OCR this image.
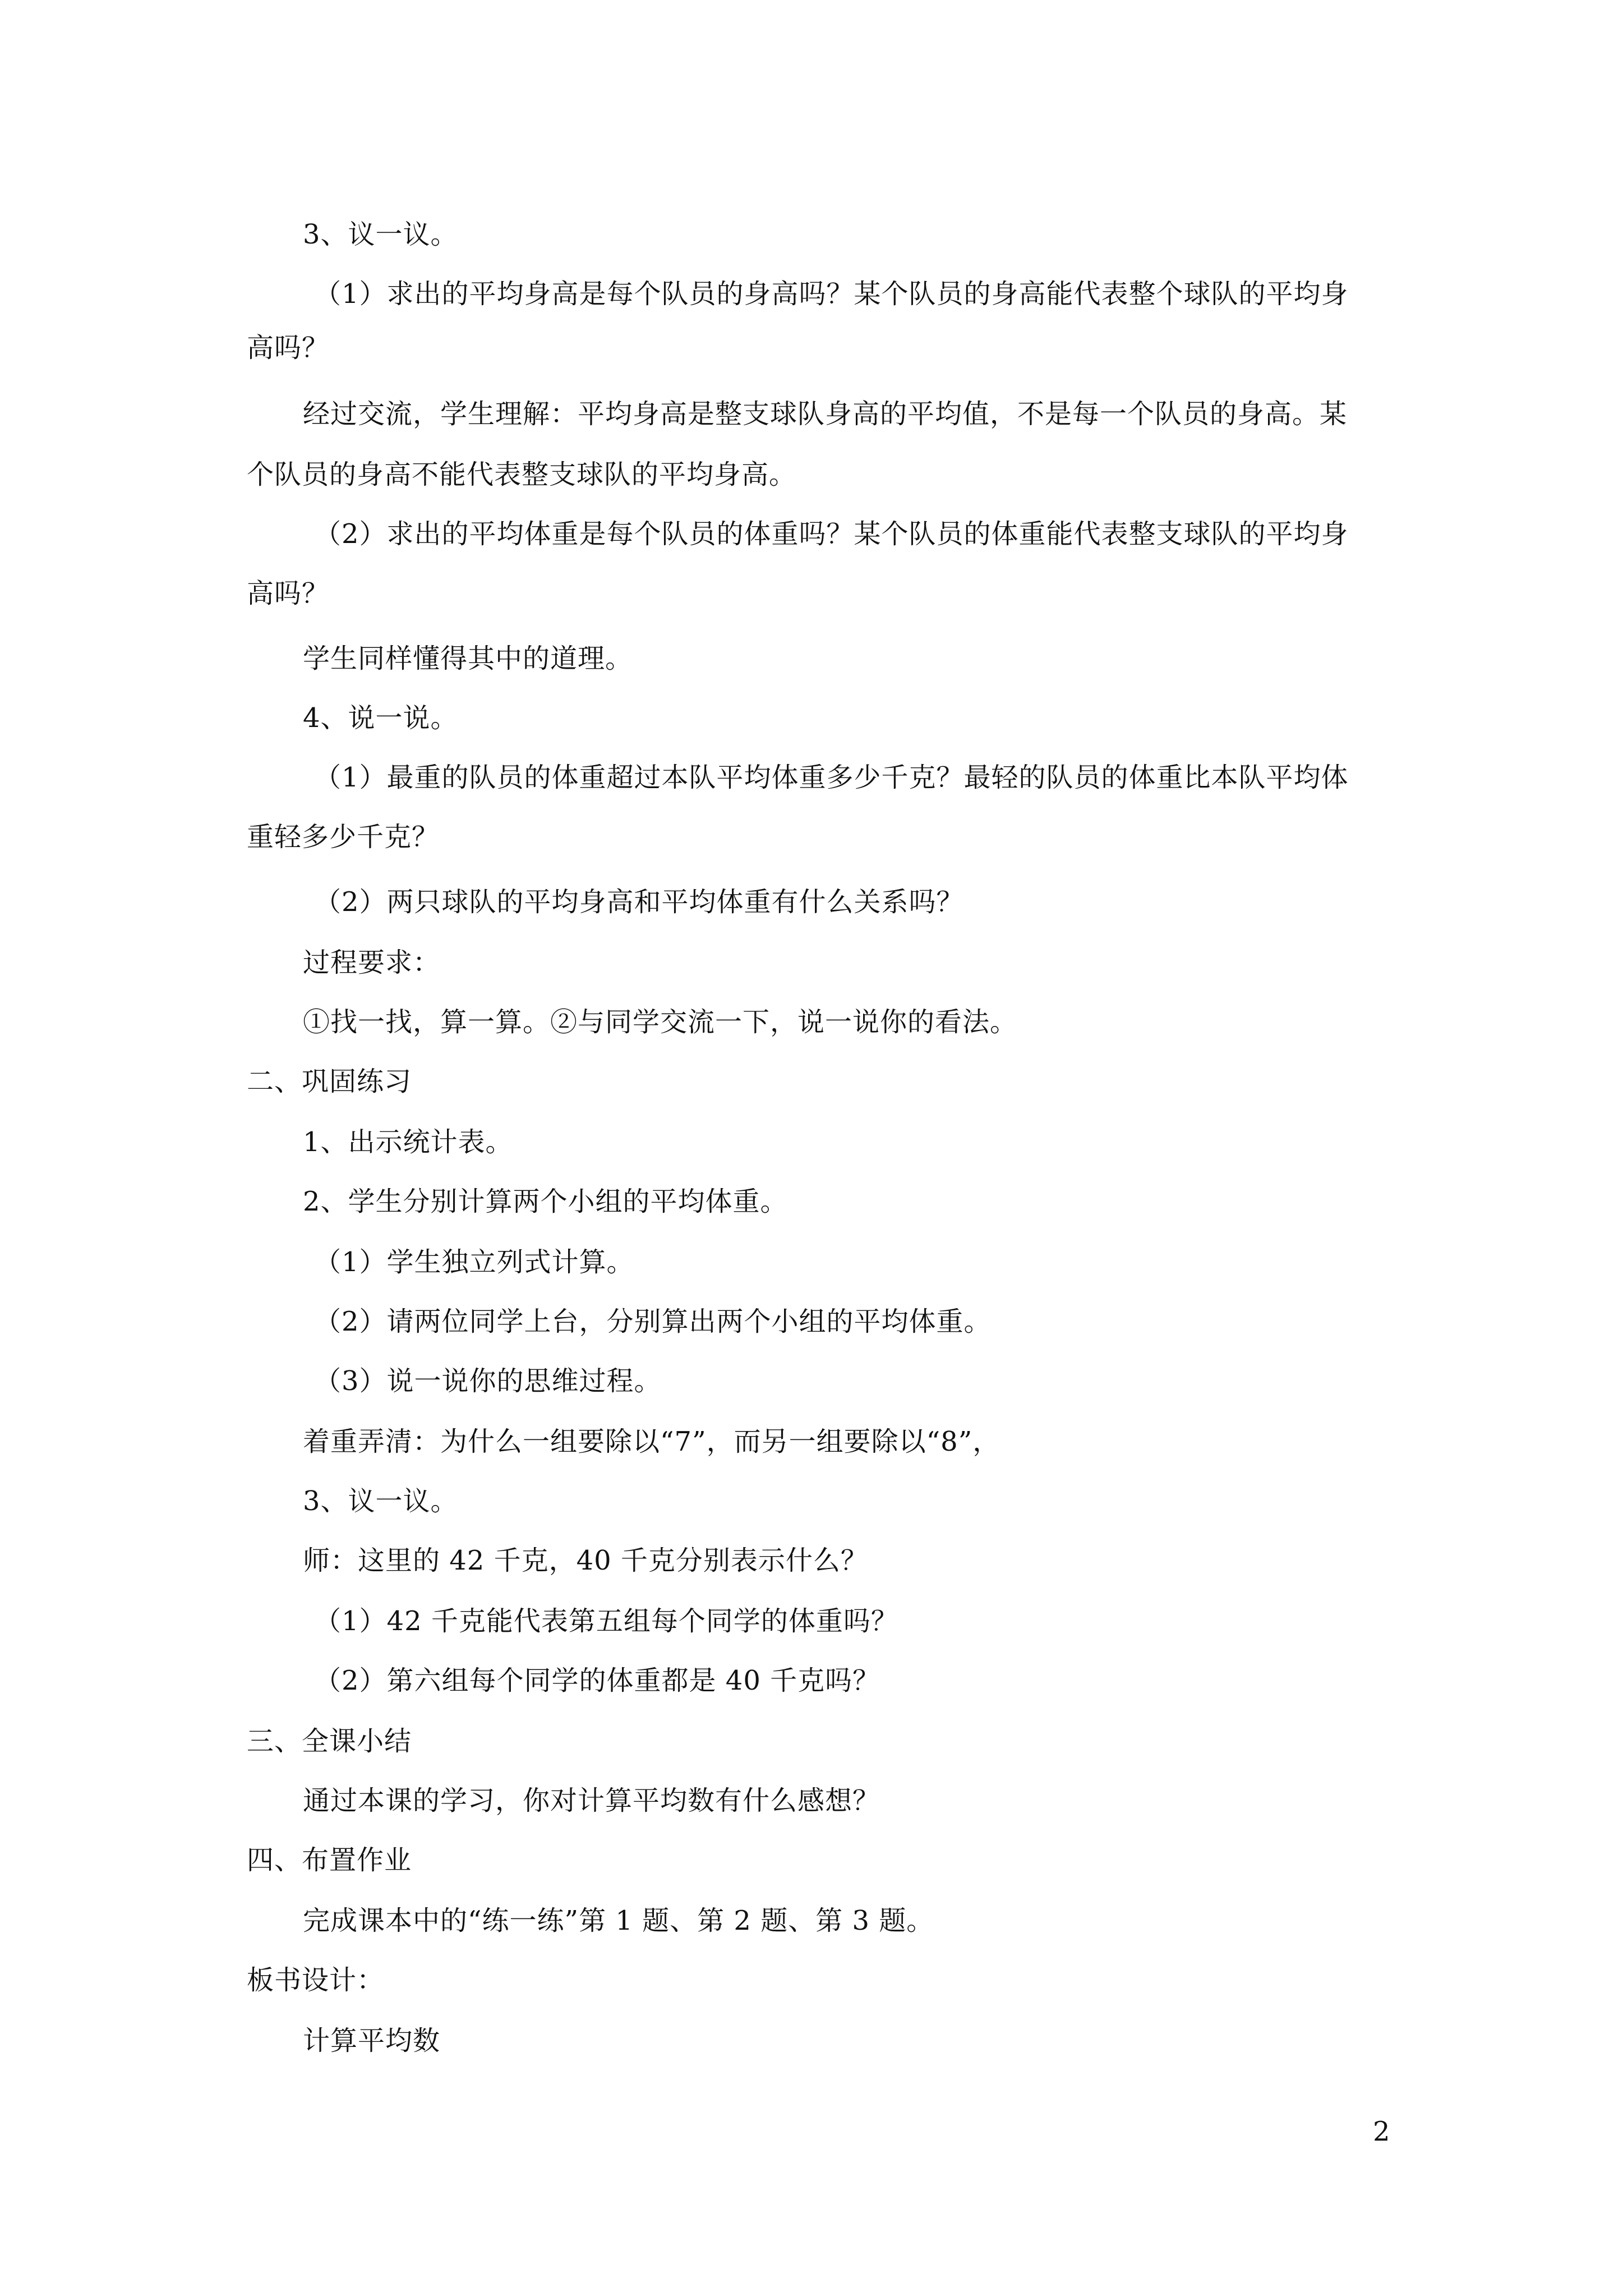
3、议一议。
（1）求出的平均身高是每个队员的身高吗？某个队员的身高能代表整个球队的平均身
高吗？
经过交流，学生理解：平均身高是整支球队身高的平均值，不是每一个队员的身高。某
个队员的身高不能代表整支球队的平均身高。
（2）求出的平均体重是每个队员的体重吗？某个队员的体重能代表整支球队的平均身
高吗？
学生同样懂得其中的道理。
4、说一说。
（1）最重的队员的体重超过本队平均体重多少千克？最轻的队员的体重比本队平均体
重轻多少千克？
（2）两只球队的平均身高和平均体重有什么关系吗？
过程要求：
①找一找，算一算。②与同学交流一下，说一说你的看法。
二、巩固练习
1、出示统计表。
2、学生分别计算两个小组的平均体重。
（1）学生独立列式计算。
（2）请两位同学上台，分别算出两个小组的平均体重。
（3）说一说你的思维过程。
着重弄清：为什么一组要除以“7”，而另一组要除以“8”，
3、议一议。
师：这里的 42 千克，40 千克分别表示什么？
（1）42 千克能代表第五组每个同学的体重吗？
（2）第六组每个同学的体重都是 40 千克吗？
三、全课小结
通过本课的学习，你对计算平均数有什么感想？
四、布置作业
完成课本中的“练一练”第 1 题、第 2 题、第 3 题。
板书设计：
计算平均数
2
